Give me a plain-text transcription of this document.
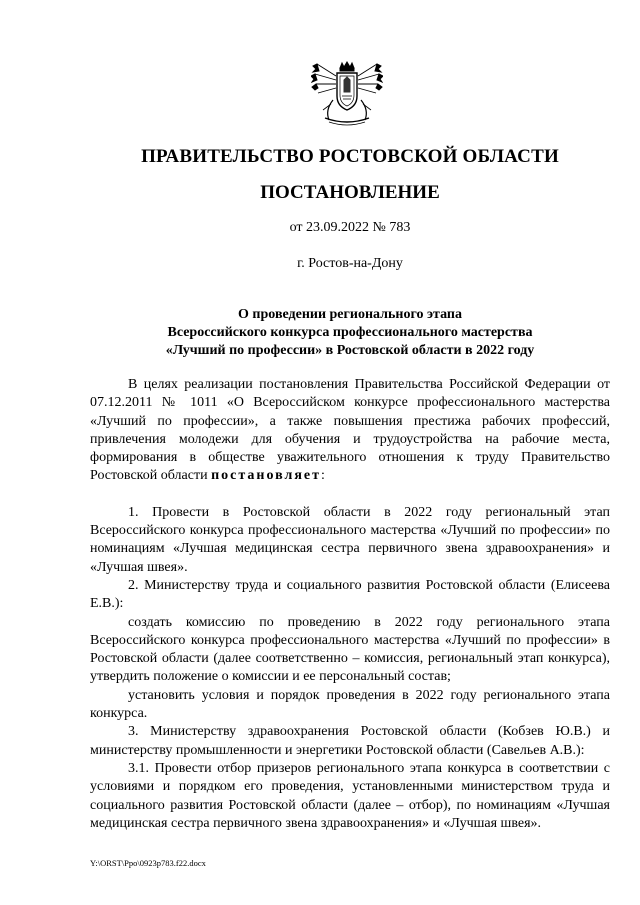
ПРАВИТЕЛЬСТВО РОСТОВСКОЙ ОБЛАСТИ
ПОСТАНОВЛЕНИЕ
от 23.09.2022 № 783
г. Ростов-на-Дону
О проведении регионального этапа
Всероссийского конкурса профессионального мастерства
«Лучший по профессии» в Ростовской области в 2022 году

В целях реализации постановления Правительства Российской Федерации от 07.12.2011 № 1011 «О Всероссийском конкурсе профессионального мастерства «Лучший по профессии», а также повышения престижа рабочих профессий, привлечения молодежи для обучения и трудоустройства на рабочие места, формирования в обществе уважительного отношения к труду Правительство Ростовской области постановляет:

1. Провести в Ростовской области в 2022 году региональный этап Всероссийского конкурса профессионального мастерства «Лучший по профессии» по номинациям «Лучшая медицинская сестра первичного звена здравоохранения» и «Лучшая швея».

2. Министерству труда и социального развития Ростовской области (Елисеева Е.В.):

создать комиссию по проведению в 2022 году регионального этапа Всероссийского конкурса профессионального мастерства «Лучший по профессии» в Ростовской области (далее соответственно – комиссия, региональный этап конкурса), утвердить положение о комиссии и ее персональный состав;

установить условия и порядок проведения в 2022 году регионального этапа конкурса.

3. Министерству здравоохранения Ростовской области (Кобзев Ю.В.) и министерству промышленности и энергетики Ростовской области (Савельев А.В.):

3.1. Провести отбор призеров регионального этапа конкурса в соответствии с условиями и порядком его проведения, установленными министерством труда и социального развития Ростовской области (далее – отбор), по номинациям «Лучшая медицинская сестра первичного звена здравоохранения» и «Лучшая швея».

Y:\ORST\Ppo\0923p783.f22.docx
